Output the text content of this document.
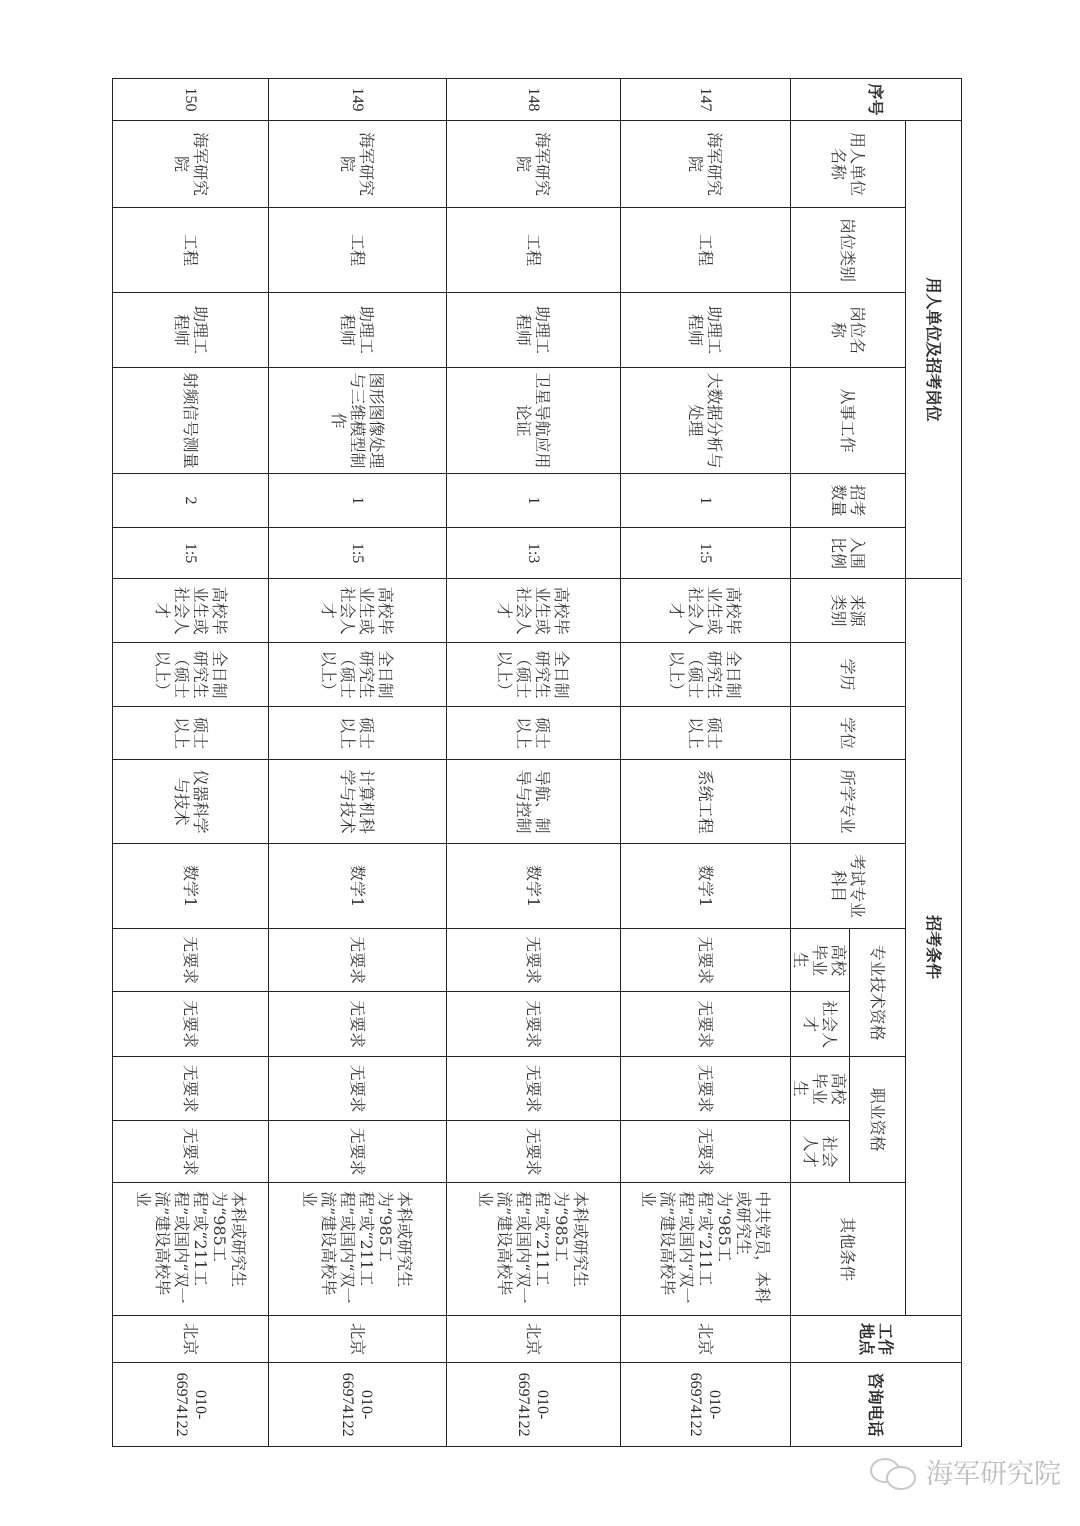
序号	用人单位及招考岗位						招考条件										工作地点	咨询电话
	用人单位名称	岗位类别	岗位名称	从事工作	招考数量	入围比例	来源类别	学历	学位	所学专业	考试专业科目	专业技术资格		职业资格		其他条件		
												高校毕业生	社会人才	高校毕业生	社会人才			
147	海军研究院	工程	助理工程师	大数据分析与处理	1	1:5	高校毕业生或社会人才	全日制研究生（硕士以上）	硕士以上	系统工程	数学1	无要求	无要求	无要求	无要求	中共党员，本科或研究生为“985工程”或“211工程”或国内“双一流”建设高校毕业	北京	010-66974122
148	海军研究院	工程	助理工程师	卫星导航应用论证	1	1:3	高校毕业生或社会人才	全日制研究生（硕士以上）	硕士以上	导航、制导与控制	数学1	无要求	无要求	无要求	无要求	本科或研究生为“985工程”或“211工程”或国内“双一流”建设高校毕业	北京	010-66974122
149	海军研究院	工程	助理工程师	图形图像处理与三维模型制作	1	1:5	高校毕业生或社会人才	全日制研究生（硕士以上）	硕士以上	计算机科学与技术	数学1	无要求	无要求	无要求	无要求	本科或研究生为“985工程”或“211工程”或国内“双一流”建设高校毕业	北京	010-66974122
150	海军研究院	工程	助理工程师	射频信号测量	2	1:5	高校毕业生或社会人才	全日制研究生（硕士以上）	硕士以上	仪器科学与技术	数学1	无要求	无要求	无要求	无要求	本科或研究生为“985工程”或“211工程”或国内“双一流”建设高校毕业	北京	010-66974122
海军研究院
